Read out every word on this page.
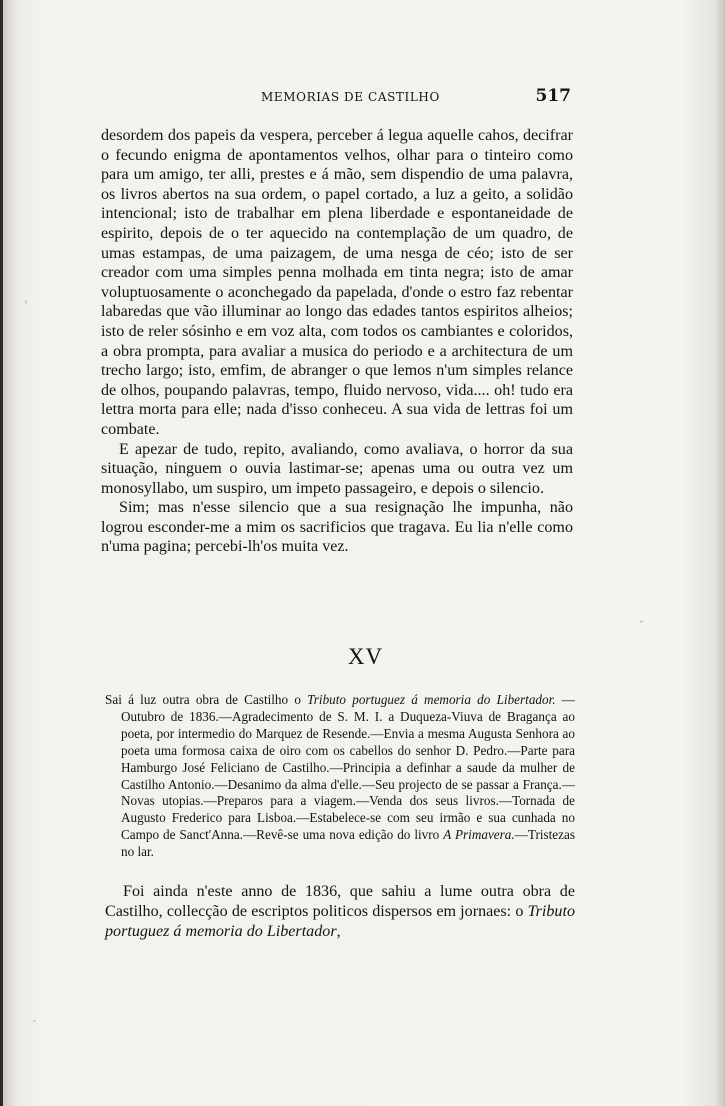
MEMORIAS DE CASTILHO	517

desordem dos papeis da vespera, perceber á legua aquelle cahos, decifrar o fecundo enigma de apontamentos velhos, olhar para o tinteiro como para um amigo, ter alli, prestes e á mão, sem dispendio de uma palavra, os livros abertos na sua ordem, o papel cortado, a luz a geito, a solidão intencional; isto de trabalhar em plena liberdade e espontaneidade de espirito, depois de o ter aquecido na contemplação de um quadro, de umas estampas, de uma paizagem, de uma nesga de céo; isto de ser creador com uma simples penna molhada em tinta negra; isto de amar voluptuosamente o aconchegado da papelada, d'onde o estro faz rebentar labaredas que vão illuminar ao longo das edades tantos espiritos alheios; isto de reler sósinho e em voz alta, com todos os cambiantes e coloridos, a obra prompta, para avaliar a musica do periodo e a architectura de um trecho largo; isto, emfim, de abranger o que lemos n'um simples relance de olhos, poupando palavras, tempo, fluido nervoso, vida.... oh! tudo era lettra morta para elle; nada d'isso conheceu. A sua vida de lettras foi um combate.

E apezar de tudo, repito, avaliando, como avaliava, o horror da sua situação, ninguem o ouvia lastimar-se; apenas uma ou outra vez um monosyllabo, um suspiro, um impeto passageiro, e depois o silencio.

Sim; mas n'esse silencio que a sua resignação lhe impunha, não logrou esconder-me a mim os sacrificios que tragava. Eu lia n'elle como n'uma pagina; percebi-lh'os muita vez.

XV

Sai á luz outra obra de Castilho o Tributo portuguez á memoria do Libertador. —Outubro de 1836.—Agradecimento de S. M. I. a Duqueza-Viuva de Bragança ao poeta, por intermedio do Marquez de Resende.—Envia a mesma Augusta Senhora ao poeta uma formosa caixa de oiro com os cabellos do senhor D. Pedro.—Parte para Hamburgo José Feliciano de Castilho.—Principia a definhar a saude da mulher de Castilho Antonio.—Desanimo da alma d'elle.—Seu projecto de se passar a França.—Novas utopias.—Preparos para a viagem.—Venda dos seus livros.—Tornada de Augusto Frederico para Lisboa.—Estabelece-se com seu irmão e sua cunhada no Campo de Sanct'Anna.—Revê-se uma nova edição do livro A Primavera.—Tristezas no lar.

Foi ainda n'este anno de 1836, que sahiu a lume outra obra de Castilho, collecção de escriptos politicos dispersos em jornaes: o Tributo portuguez á memoria do Libertador,
